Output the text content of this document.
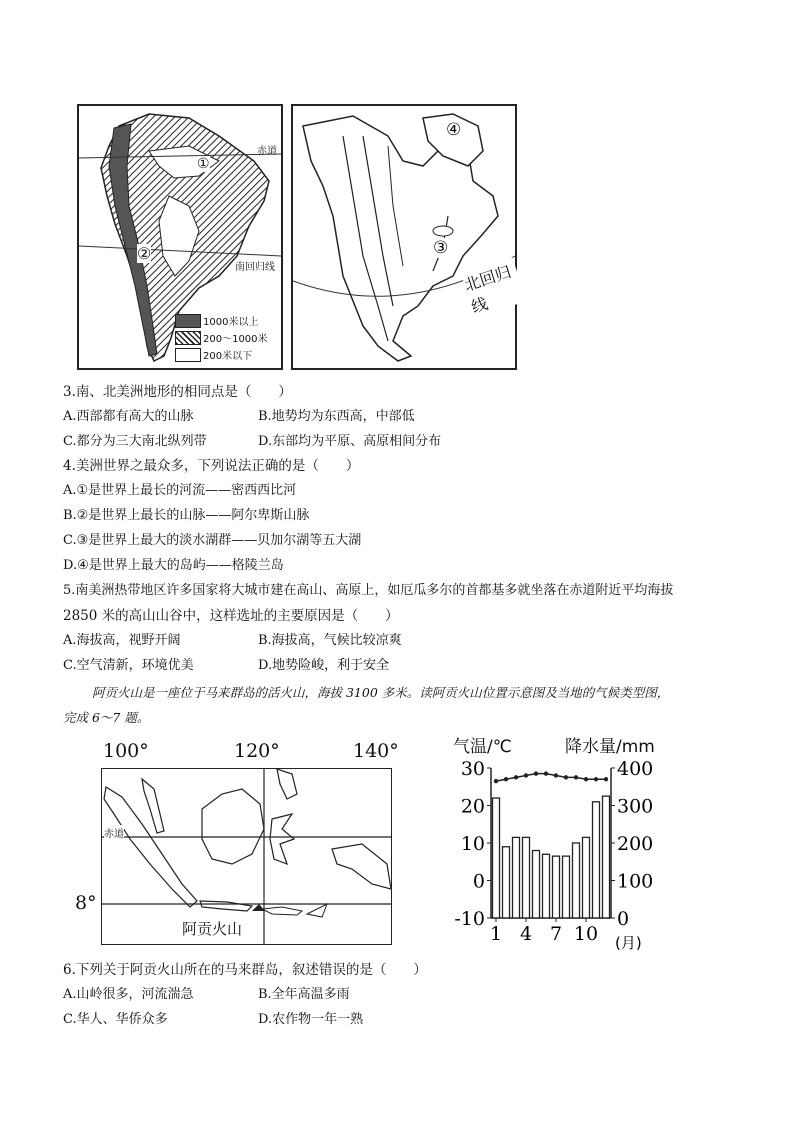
赤道
南回归线
①
②
1000米以上
200～1000米
200米以下
④
③
北回归线
3.南、北美洲地形的相同点是（　　）
A.西部都有高大的山脉	B.地势均为东西高，中部低
C.都分为三大南北纵列带	D.东部均为平原、高原相间分布
4.美洲世界之最众多，下列说法正确的是（　　）
A.①是世界上最长的河流——密西西比河
B.②是世界上最长的山脉——阿尔卑斯山脉
C.③是世界上最大的淡水湖群——贝加尔湖等五大湖
D.④是世界上最大的岛屿——格陵兰岛
5.南美洲热带地区许多国家将大城市建在高山、高原上，如厄瓜多尔的首都基多就坐落在赤道附近平均海拔
2850 米的高山山谷中，这样选址的主要原因是（　　）
A.海拔高，视野开阔	B.海拔高，气候比较凉爽
C.空气清新，环境优美	D.地势险峻，利于安全
阿贡火山是一座位于马来群岛的活火山，海拔 3100 多米。读阿贡火山位置示意图及当地的气候类型图，
完成 6～7 题。
100°	120°	140°
赤道
8°
阿贡火山
气温/℃	降水量/mm
30
20
10
0
-10
400
300
200
100
0
1 4 7 10 (月)
6.下列关于阿贡火山所在的马来群岛，叙述错误的是（　　）
A.山岭很多，河流湍急	B.全年高温多雨
C.华人、华侨众多	D.农作物一年一熟
